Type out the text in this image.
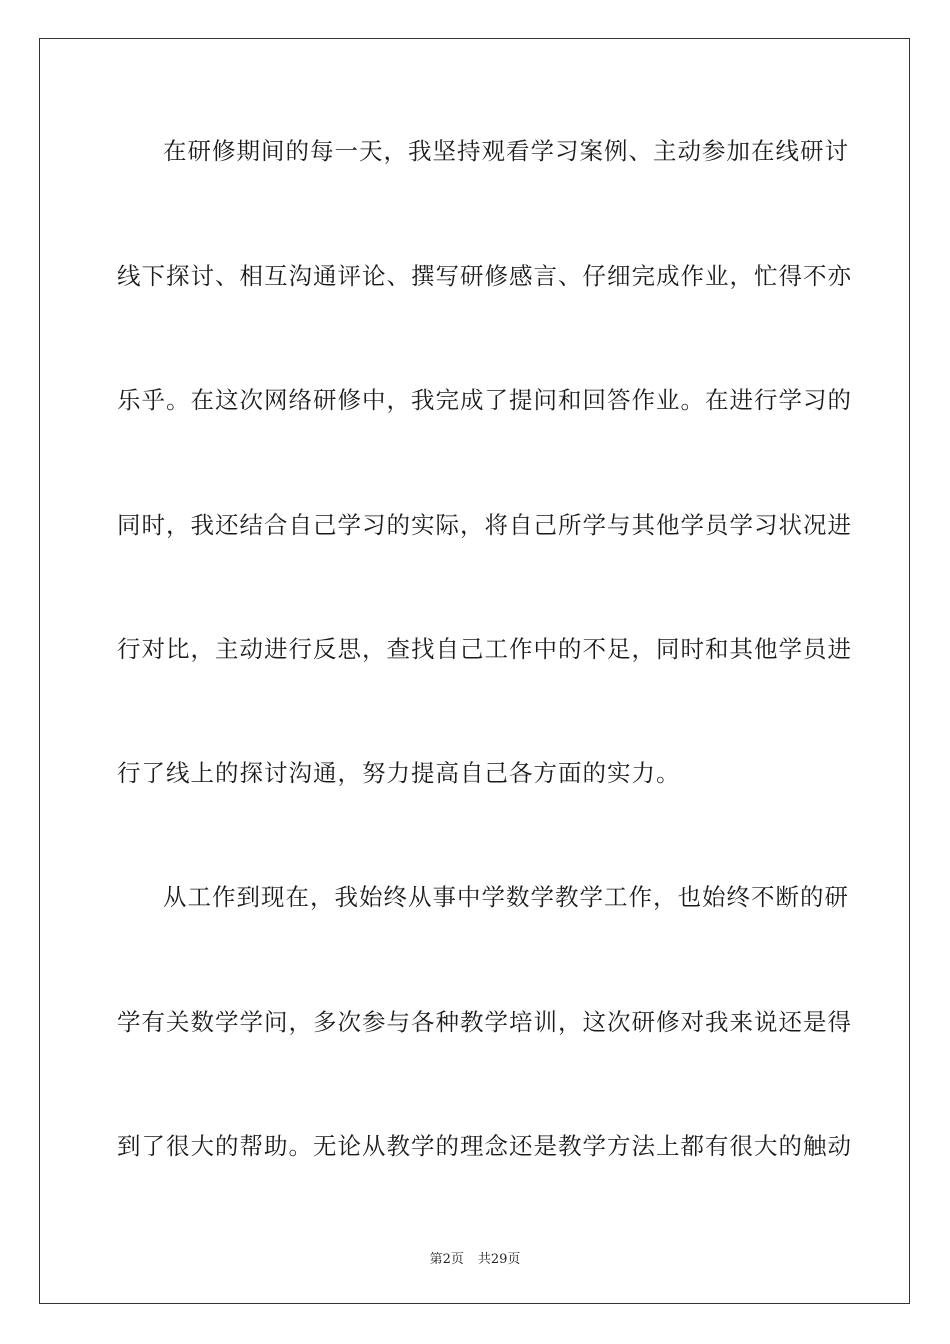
在研修期间的每一天，我坚持观看学习案例、主动参加在线研讨
线下探讨、相互沟通评论、撰写研修感言、仔细完成作业，忙得不亦
乐乎。在这次网络研修中，我完成了提问和回答作业。在进行学习的
同时，我还结合自己学习的实际，将自己所学与其他学员学习状况进
行对比，主动进行反思，查找自己工作中的不足，同时和其他学员进
行了线上的探讨沟通，努力提高自己各方面的实力。
从工作到现在，我始终从事中学数学教学工作，也始终不断的研
学有关数学学问，多次参与各种教学培训，这次研修对我来说还是得
到了很大的帮助。无论从教学的理念还是教学方法上都有很大的触动
第2页 共29页
